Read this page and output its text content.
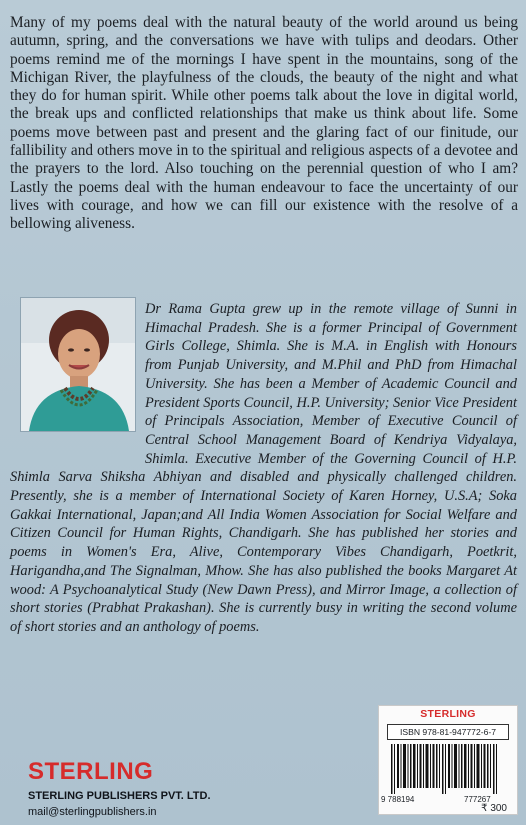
Many of my poems deal with the natural beauty of the world around us being autumn, spring, and the conversations we have with tulips and deodars. Other poems remind me of the mornings I have spent in the mountains, song of the Michigan River, the playfulness of the clouds, the beauty of the night and what they do for human spirit. While other poems talk about the love in digital world, the break ups and conflicted relationships that make us think about life. Some poems move between past and present and the glaring fact of our finitude, our fallibility and others move in to the spiritual and religious aspects of a devotee and the prayers to the lord. Also touching on the perennial question of who I am? Lastly the poems deal with the human endeavour to face the uncertainty of our lives with courage, and how we can fill our existence with the resolve of a bellowing aliveness.

Dr Rama Gupta grew up in the remote village of Sunni in Himachal Pradesh. She is a former Principal of Government Girls College, Shimla. She is M.A. in English with Honours from Punjab University, and M.Phil and PhD from Himachal University. She has been a Member of Academic Council and President Sports Council, H.P. University; Senior Vice President of Principals Association, Member of Executive Council of Central School Management Board of Kendriya Vidyalaya, Shimla. Executive Member of the Governing Council of H.P. Shimla Sarva Shiksha Abhiyan and disabled and physically challenged children. Presently, she is a member of International Society of Karen Horney, U.S.A; Soka Gakkai International, Japan;and All India Women Association for Social Welfare and Citizen Council for Human Rights, Chandigarh. She has published her stories and poems in Women's Era, Alive, Contemporary Vibes Chandigarh, Poetkrit, Harigandha,and The Signalman, Mhow. She has also published the books Margaret At wood: A Psychoanalytical Study (New Dawn Press), and Mirror Image, a collection of short stories (Prabhat Prakashan). She is currently busy in writing the second volume of short stories and an anthology of poems.

STERLING
ISBN 978-81-947772-6-7
9 788194	777267
₹ 300
STERLING
STERLING PUBLISHERS PVT. LTD.
mail@sterlingpublishers.in
